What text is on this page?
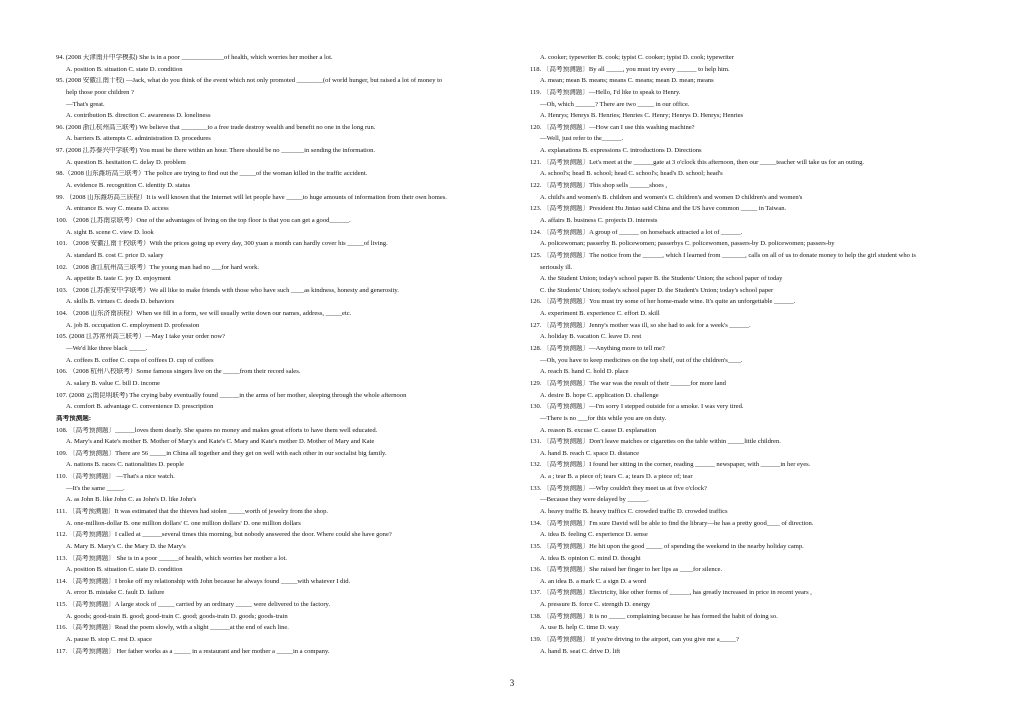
94. (2008 天津南开中学模拟) She is in a poor _____________of health, which worries her mother a lot.
A. position B. situation C. state D. condition
95. (2008 安徽江南十校) —Jack, what do you think of the event which not only promoted ________(of world hunger, but raised a lot of money to
help those poor children ?
—That's great.
A. contribution B. direction C. awareness D. loneliness
96. (2008 浙江杭州高三联考) We believe that ________to a free trade destroy wealth and benefit no one in the long run.
A. barriers B. attempts C. administration D. procedures
97. (2008 江苏泰兴中学联考) You must be there within an hour. There should be no _______in sending the information.
A. question B. hesitation C. delay D. problem
98.（2008 山东潍坊高三联考）The police are trying to find out the _____of the woman killed in the traffic accident.
A. evidence B. recognition C. identity D. status
99. （2008 山东潍坊高三质检）It is well known that the Internet will let people have _____to huge amounts of information from their own homes.
A. entrance B. way C. means D. access
100. （2008 江苏南京联考）One of the advantages of living on the top floor is that you can get a good______.
A. sight B. scene C. view D. look
101. （2008 安徽江南十校联考）With the prices going up every day, 300 yuan a month can hardly cover his _____of living.
A. standard B. cost C. price D. salary
102. （2008 浙江杭州高三联考）The young man had no ___for hard work.
A. appetite B. taste C. joy D. enjoyment
103. （2008 江苏淮安中学联考）We all like to make friends with those who have such ____as kindness, honesty and generosity.
A. skills B. virtues C. deeds D. behaviors
104. （2008 山东济南质检）When we fill in a form, we will usually write down our names, address, _____etc.
A. job B. occupation C. employment D. profession
105. (2008 江苏常州高三联考）—May I take your order now?
—We'd like three black _____.
A. coffees B. coffee C. cups of coffees D. cup of coffees
106. （2008 杭州八校联考）Some famous singers live on the _____from their record sales.
A. salary B. value C. bill D. income
107. (2008 云南昆明联考) The crying baby eventually found ______in the arms of her mother, sleeping through the whole afternoon
A. comfort B. advantage C. convenience D. prescription
高考预测题:
108. 〔高考预测题〕______loves them dearly. She spares no money and makes great efforts to have them well educated.
A. Mary's and Kate's mother B. Mother of Mary's and Kate's C. Mary and Kate's mother D. Mother of Mary and Kate
109. 〔高考预测题〕There are 56 _____in China all together and they get on well with each other in our socialist big family.
A. nations B. races C. nationalities D. people
110. 〔高考预测题〕 —That's a nice watch.
—It's the same _____.
A. as John B. like John C. as John's D. like John's
111. 〔高考预测题〕It was estimated that the thieves had stolen _____worth of jewelry from the shop.
A. one-million-dollar B. one million dollars' C. one million dollars' D. one million dollars
112. 〔高考预测题〕I called at ______several times this morning, but nobody answered the door. Where could she have gone?
A. Mary B. Mary's C. the Mary D. the Mary's
113. 〔高考预测题〕 She is in a poor ______of health, which worries her mother a lot.
A. position B. situation C. state D. condition
114. 〔高考预测题〕I broke off my relationship with John because he always found _____with whatever I did.
A. error B. mistake C. fault D. failure
115. 〔高考预测题〕A large stock of _____ carried by an ordinary _____ were delivered to the factory.
A. goods; good-train B. good; good-train C. good; goods-train D. goods; goods-train
116. 〔高考预测题〕Read the poem slowly, with a slight ______at the end of each line.
A. pause B. stop C. rest D. space
117. 〔高考预测题〕 Her father works as a _____ in a restaurant and her mother a _____in a company.
A. cooker; typewriter B. cook; typist C. cooker; typist D. cook; typewriter
118. 〔高考预测题〕By all _____, you must try every ______ to help him.
A. mean; mean B. means; means C. means; mean D. mean; means
119. 〔高考预测题〕—Hello, I'd like to speak to Henry.
—Oh, which ______? There are two _____ in our office.
A. Henrys; Henrys B. Henries; Henries C. Henry; Henrys D. Henrys; Henries
120. 〔高考预测题〕—How can I use this washing machine?
—Well, just refer to the______.
A. explanations B. expressions C. introductions D. Directions
121. 〔高考预测题〕Let's meet at the ______gate at 3 o'clock this afternoon, then our _____teacher will take us for an outing.
A. school's; head B. school; head C. school's; head's D. school; head's
122. 〔高考预测题〕This shop sells ______shoes ,
A. child's and women's B. children and women's C. children's and women D children's and women's
123. 〔高考预测题〕President Hu Jintao said China and the US have common _____ in Taiwan.
A. affairs B. business C. projects D. interests
124. 〔高考预测题〕A group of ______ on horseback attracted a lot of ______.
A. policewoman; passerby B. policewomen; passerbys C. policewomen, passers-by D. policewomen; passers-by
125. 〔高考预测题〕The notice from the ______, which I learned from _______, calls on all of us to donate money to help the girl student who is
seriously ill.
A. the Student Union; today's school paper B. the Students' Union; the school paper of today
C. the Students' Union; today's school paper D. the Student's Union; today's school paper
126. 〔高考预测题〕You must try some of her home-made wine. It's quite an unforgettable ______.
A. experiment B. experience C. effort D. skill
127. 〔高考预测题〕Jenny's mother was ill, so she had to ask for a week's ______.
A. holiday B. vacation C. leave D. rest
128. 〔高考预测题〕—Anything more to tell me?
—Oh, you have to keep medicines on the top shelf, out of the children's____.
A. reach B. hand C. hold D. place
129. 〔高考预测题〕The war was the result of their ______for more land
A. desire B. hope C. application D. challenge
130. 〔高考预测题〕—I'm sorry I stepped outside for a smoke. I was very tired.
—There is no ___for this while you are on duty.
A. reason B. excuse C. cause D. explanation
131. 〔高考预测题〕Don't leave matches or cigarettes on the table within _____little children.
A. hand B. reach C. space D. distance
132. 〔高考预测题〕I found her sitting in the corner, reading ______ newspaper, with ______in her eyes.
A. a ; tear B. a piece of; tears C. a; tears D. a piece of; tear
133. 〔高考预测题〕—Why couldn't they meet us at five o'clock?
—Because they were delayed by ______.
A. heavy traffic B. heavy traffics C. crowded traffic D. crowded traffics
134. 〔高考预测题〕I'm sure David will be able to find the library—he has a pretty good____ of direction.
A. idea B. feeling C. experience D. sense
135. 〔高考预测题〕He hit upon the good _____ of spending the weekend in the nearby holiday camp.
A. idea B. opinion C. mind D. thought
136. 〔高考预测题〕She raised her finger to her lips as ____for silence.
A. an idea B. a mark C. a sign D. a word
137. 〔高考预测题〕Electricity, like other forms of ______, has greatly increased in price in recent years ,
A. pressure B. force C. strength D. energy
138. 〔高考预测题〕It is no _____ complaining because he has formed the habit of doing so.
A. use B. help C. time D. way
139. 〔高考预测题〕 If you're driving to the airport, can you give me a_____?
A. hand B. seat C. drive D. lift
3
